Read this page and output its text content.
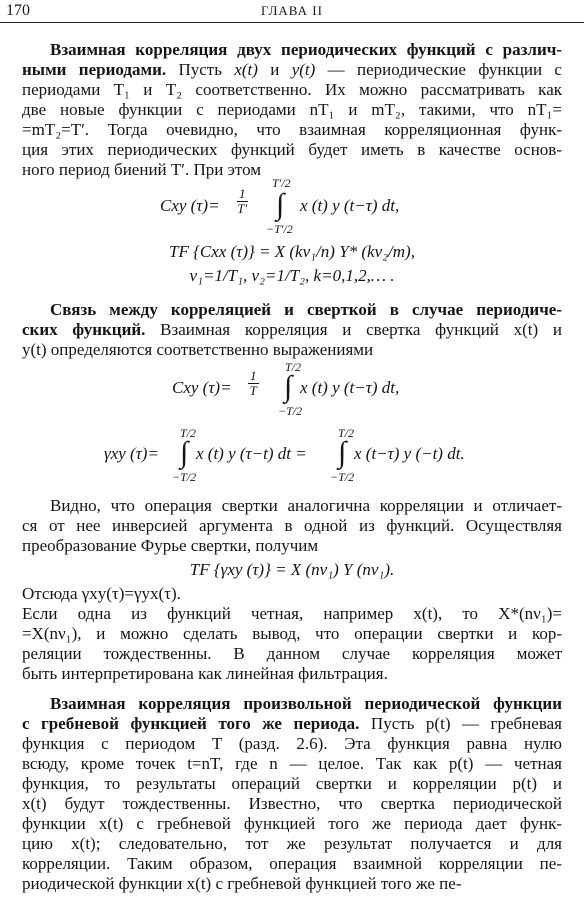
170	ГЛАВА II
Взаимная корреляция двух периодических функций с различ-
ными периодами. Пусть x(t) и y(t) — периодические функции с
периодами T₁ и T₂ соответственно. Их можно рассматривать как
две новые функции с периодами nT₁ и mT₂, такими, что nT₁=
=mT₂=T′. Тогда очевидно, что взаимная корреляционная функ-
ция этих периодических функций будет иметь в качестве основ-
ного период биений T′. При этом
Cxy $(\tau)= \frac{1}{T'}$
T′/2
∫
−T′/2
x (t) y (t−τ) dt,
TF {Cxx (τ)} = X (kν₁/n) Y* (kν₂/m),
ν₁=1/T₁, ν₂=1/T₂, k=0,1,2,… .
Связь между корреляцией и сверткой в случае периодиче-
ских функций. Взаимная корреляция и свертка функций x(t) и
y(t) определяются соответственно выражениями
Cxy $(\tau)= \frac{1}{T}$
T/2
∫
−T/2
x (t) y (t−τ) dt,
γxy (τ)=
T/2
∫
−T/2
x (t) y (τ−t) dt =
T/2
∫
−T/2
x (t−τ) y (−t) dt.
Видно, что операция свертки аналогична корреляции и отличает-
ся от нее инверсией аргумента в одной из функций. Осуществляя
преобразование Фурье свертки, получим
TF {γxy (τ)} = X (nν₁) Y (nν₁).
Отсюда γxy(τ)=γyx(τ).
Если одна из функций четная, например x(t), то X*(nν₁)=
=X(nν₁), и можно сделать вывод, что операции свертки и кор-
реляции тождественны. В данном случае корреляция может
быть интерпретирована как линейная фильтрация.
Взаимная корреляция произвольной периодической функции
с гребневой функцией того же периода. Пусть p(t) — гребневая
функция с периодом T (разд. 2.6). Эта функция равна нулю
всюду, кроме точек t=nT, где n — целое. Так как p(t) — четная
функция, то результаты операций свертки и корреляции p(t) и
x(t) будут тождественны. Известно, что свертка периодической
функции x(t) с гребневой функцией того же периода дает функ-
цию x(t); следовательно, тот же результат получается и для
корреляции. Таким образом, операция взаимной корреляции пе-
риодической функции x(t) с гребневой функцией того же пе-
